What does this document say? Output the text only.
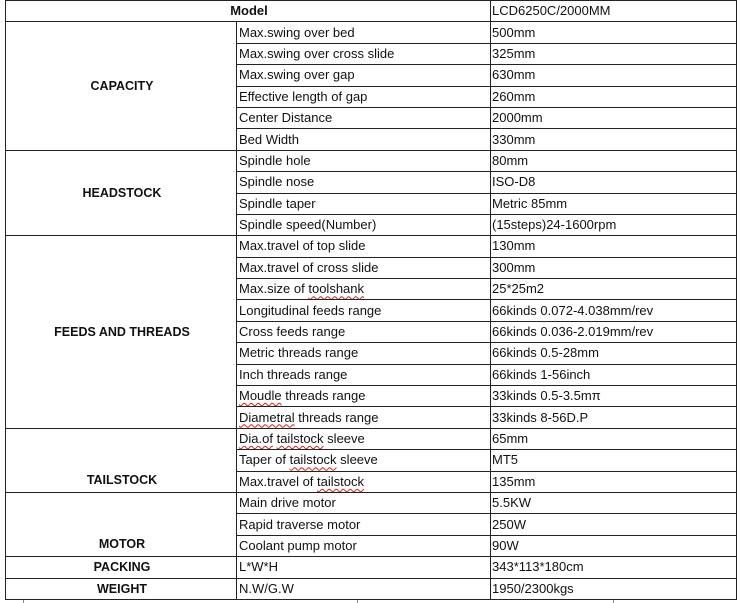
Model		LCD6250C/2000MM
CAPACITY	Max.swing over bed	500mm
	Max.swing over cross slide	325mm
	Max.swing over gap	630mm
	Effective length of gap	260mm
	Center Distance	2000mm
	Bed Width	330mm
HEADSTOCK	Spindle hole	80mm
	Spindle nose	ISO-D8
	Spindle taper	Metric 85mm
	Spindle speed(Number)	(15steps)24-1600rpm
FEEDS AND THREADS	Max.travel of top slide	130mm
	Max.travel of cross slide	300mm
	Max.size of toolshank	25*25m2
	Longitudinal feeds range	66kinds 0.072-4.038mm/rev
	Cross feeds range	66kinds 0.036-2.019mm/rev
	Metric threads range	66kinds 0.5-28mm
	Inch threads range	66kinds 1-56inch
	Moudle threads range	33kinds 0.5-3.5mπ
	Diametral threads range	33kinds 8-56D.P
TAILSTOCK	Dia.of tailstock sleeve	65mm
	Taper of tailstock sleeve	MT5
	Max.travel of tailstock	135mm
MOTOR	Main drive motor	5.5KW
	Rapid traverse motor	250W
	Coolant pump motor	90W
PACKING	L*W*H	343*113*180cm
WEIGHT	N.W/G.W	1950/2300kgs
